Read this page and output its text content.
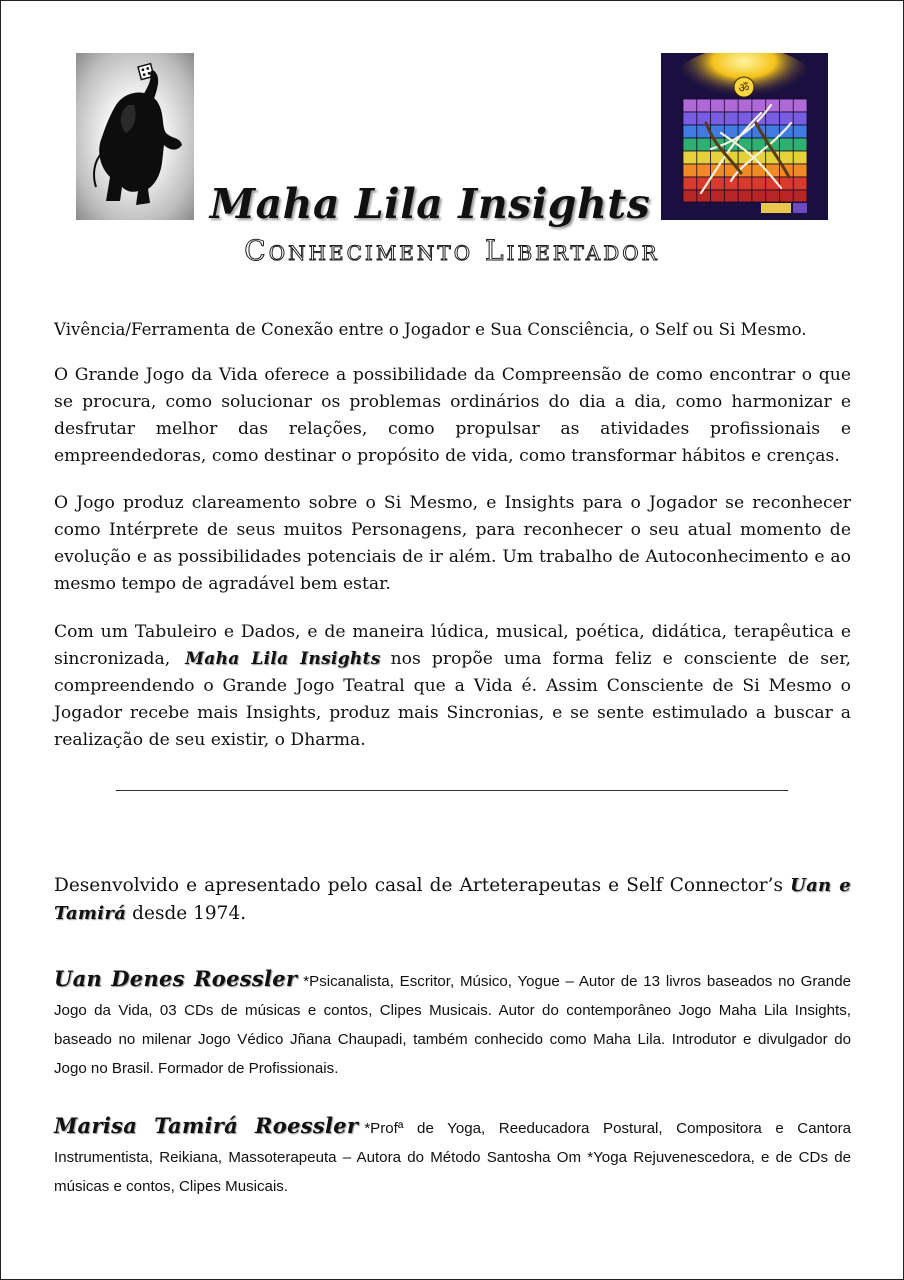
ॐ
Maha Lila Insights
Conhecimento Libertador

Vivência/Ferramenta de Conexão entre o Jogador e Sua Consciência, o Self ou Si Mesmo.

O Grande Jogo da Vida oferece a possibilidade da Compreensão de como encontrar o que se procura, como solucionar os problemas ordinários do dia a dia, como harmonizar e desfrutar melhor das relações, como propulsar as atividades profissionais e empreendedoras, como destinar o propósito de vida, como transformar hábitos e crenças.

O Jogo produz clareamento sobre o Si Mesmo, e Insights para o Jogador se reconhecer como Intérprete de seus muitos Personagens, para reconhecer o seu atual momento de evolução e as possibilidades potenciais de ir além. Um trabalho de Autoconhecimento e ao mesmo tempo de agradável bem estar.

Com um Tabuleiro e Dados, e de maneira lúdica, musical, poética, didática, terapêutica e sincronizada, Maha Lila Insights nos propõe uma forma feliz e consciente de ser, compreendendo o Grande Jogo Teatral que a Vida é. Assim Consciente de Si Mesmo o Jogador recebe mais Insights, produz mais Sincronias, e se sente estimulado a buscar a realização de seu existir, o Dharma.

Desenvolvido e apresentado pelo casal de Arteterapeutas e Self Connector’s Uan e Tamirá desde 1974.

Uan Denes Roessler *Psicanalista, Escritor, Músico, Yogue – Autor de 13 livros baseados no Grande Jogo da Vida, 03 CDs de músicas e contos, Clipes Musicais. Autor do contemporâneo Jogo Maha Lila Insights, baseado no milenar Jogo Védico Jñana Chaupadi, também conhecido como Maha Lila. Introdutor e divulgador do Jogo no Brasil. Formador de Profissionais.

Marisa Tamirá Roessler *Profª de Yoga, Reeducadora Postural, Compositora e Cantora Instrumentista, Reikiana, Massoterapeuta – Autora do Método Santosha Om *Yoga Rejuvenescedora, e de CDs de músicas e contos, Clipes Musicais.
